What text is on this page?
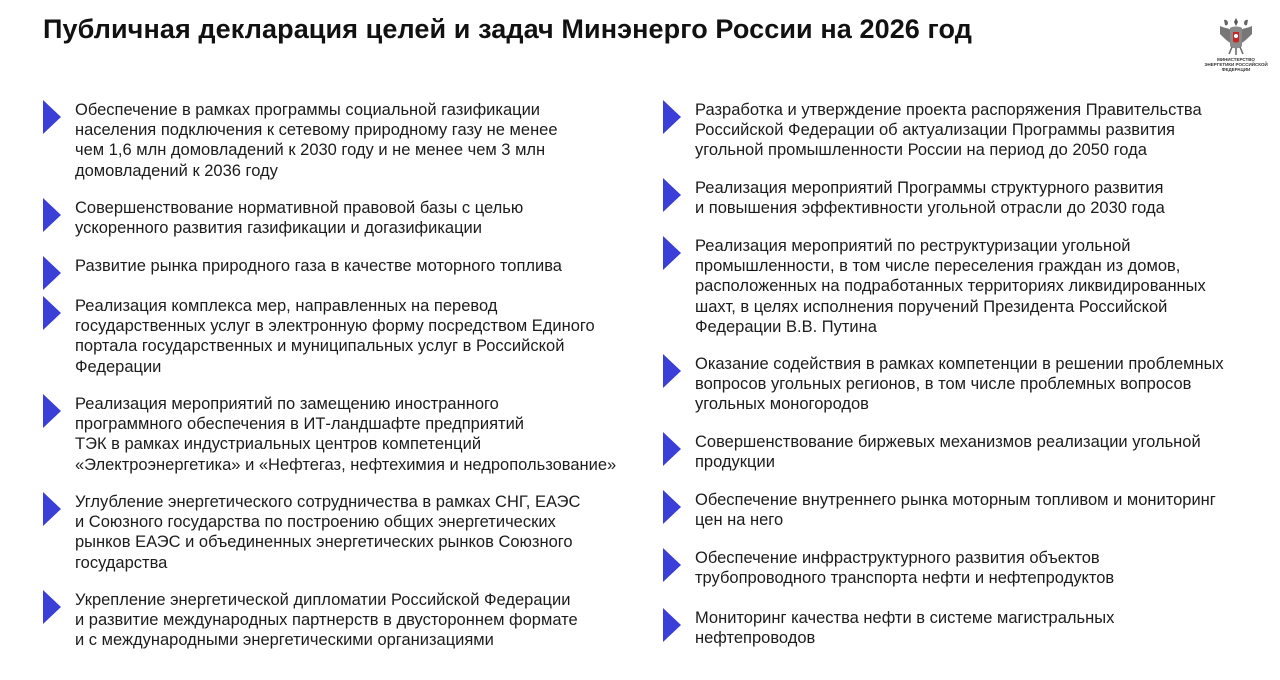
Публичная декларация целей и задач Минэнерго России на 2026 год
МИНИСТЕРСТВО ЭНЕРГЕТИКИ РОССИЙСКОЙ ФЕДЕРАЦИИ
Обеспечение в рамках программы социальной газификации
населения подключения к сетевому природному газу не менее
чем 1,6 млн домовладений к 2030 году и не менее чем 3 млн
домовладений к 2036 году
Совершенствование нормативной правовой базы с целью
ускоренного развития газификации и догазификации
Развитие рынка природного газа в качестве моторного топлива
Реализация комплекса мер, направленных на перевод
государственных услуг в электронную форму посредством Единого
портала государственных и муниципальных услуг в Российской
Федерации
Реализация мероприятий по замещению иностранного
программного обеспечения в ИТ-ландшафте предприятий
ТЭК в рамках индустриальных центров компетенций
«Электроэнергетика» и «Нефтегаз, нефтехимия и недропользование»
Углубление энергетического сотрудничества в рамках СНГ, ЕАЭС
и Союзного государства по построению общих энергетических
рынков ЕАЭС и объединенных энергетических рынков Союзного
государства
Укрепление энергетической дипломатии Российской Федерации
и развитие международных партнерств в двустороннем формате
и с международными энергетическими организациями
Разработка и утверждение проекта распоряжения Правительства
Российской Федерации об актуализации Программы развития
угольной промышленности России на период до 2050 года
Реализация мероприятий Программы структурного развития
и повышения эффективности угольной отрасли до 2030 года
Реализация мероприятий по реструктуризации угольной
промышленности, в том числе переселения граждан из домов,
расположенных на подработанных территориях ликвидированных
шахт, в целях исполнения поручений Президента Российской
Федерации В.В. Путина
Оказание содействия в рамках компетенции в решении проблемных
вопросов угольных регионов, в том числе проблемных вопросов
угольных моногородов
Совершенствование биржевых механизмов реализации угольной
продукции
Обеспечение внутреннего рынка моторным топливом и мониторинг
цен на него
Обеспечение инфраструктурного развития объектов
трубопроводного транспорта нефти и нефтепродуктов
Мониторинг качества нефти в системе магистральных
нефтепроводов
